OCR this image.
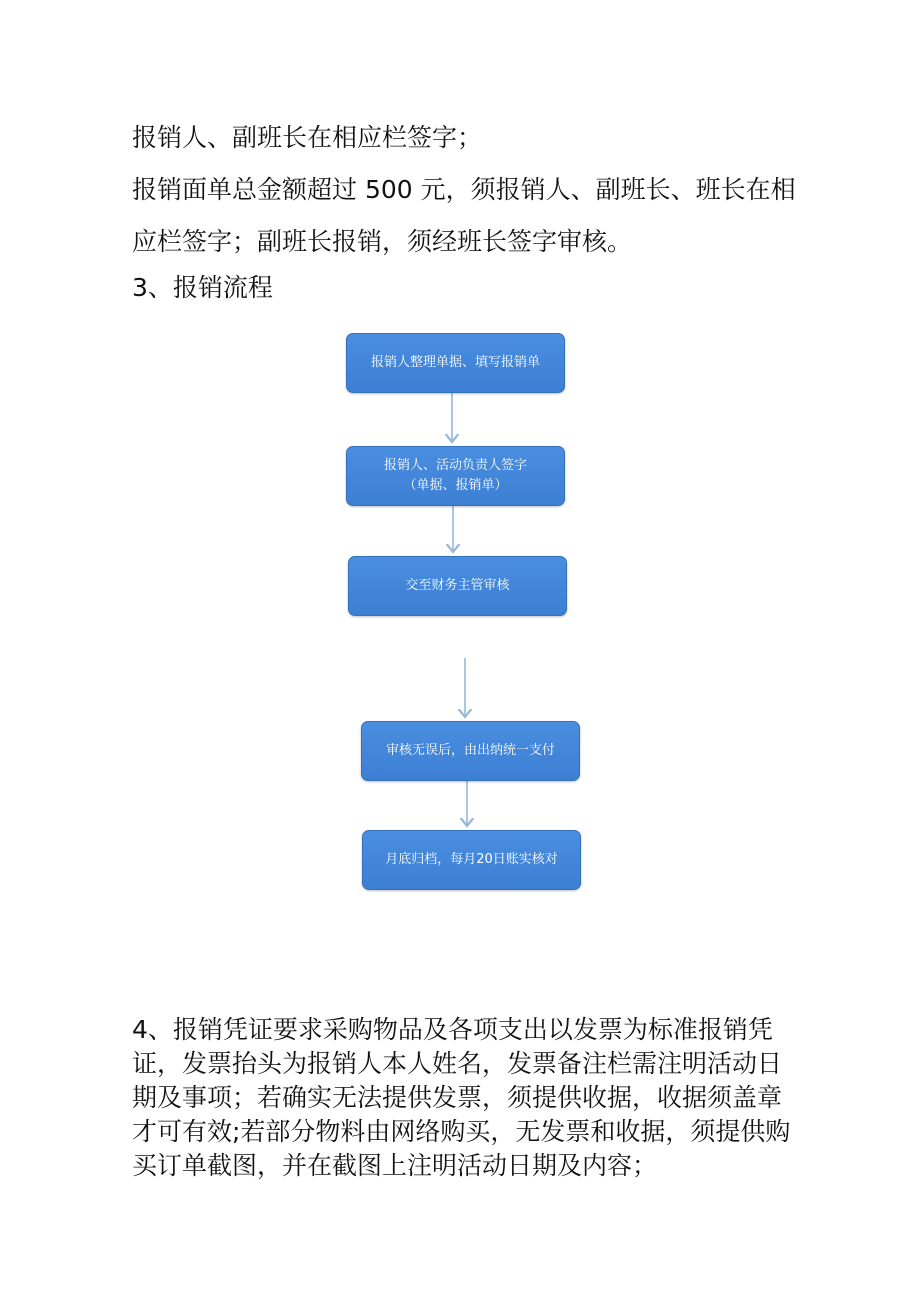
报销人、副班长在相应栏签字；

报销面单总金额超过 500 元，须报销人、副班长、班长在相

应栏签字；副班长报销，须经班长签字审核。

3、报销流程

报销人整理单据、填写报销单
报销人、活动负责人签字
（单据、报销单）
交至财务主管审核
审核无误后，由出纳统一支付
月底归档，每月20日账实核对
4、报销凭证要求采购物品及各项支出以发票为标准报销凭
证，发票抬头为报销人本人姓名，发票备注栏需注明活动日
期及事项；若确实无法提供发票，须提供收据，收据须盖章
才可有效;若部分物料由网络购买，无发票和收据，须提供购
买订单截图，并在截图上注明活动日期及内容；
